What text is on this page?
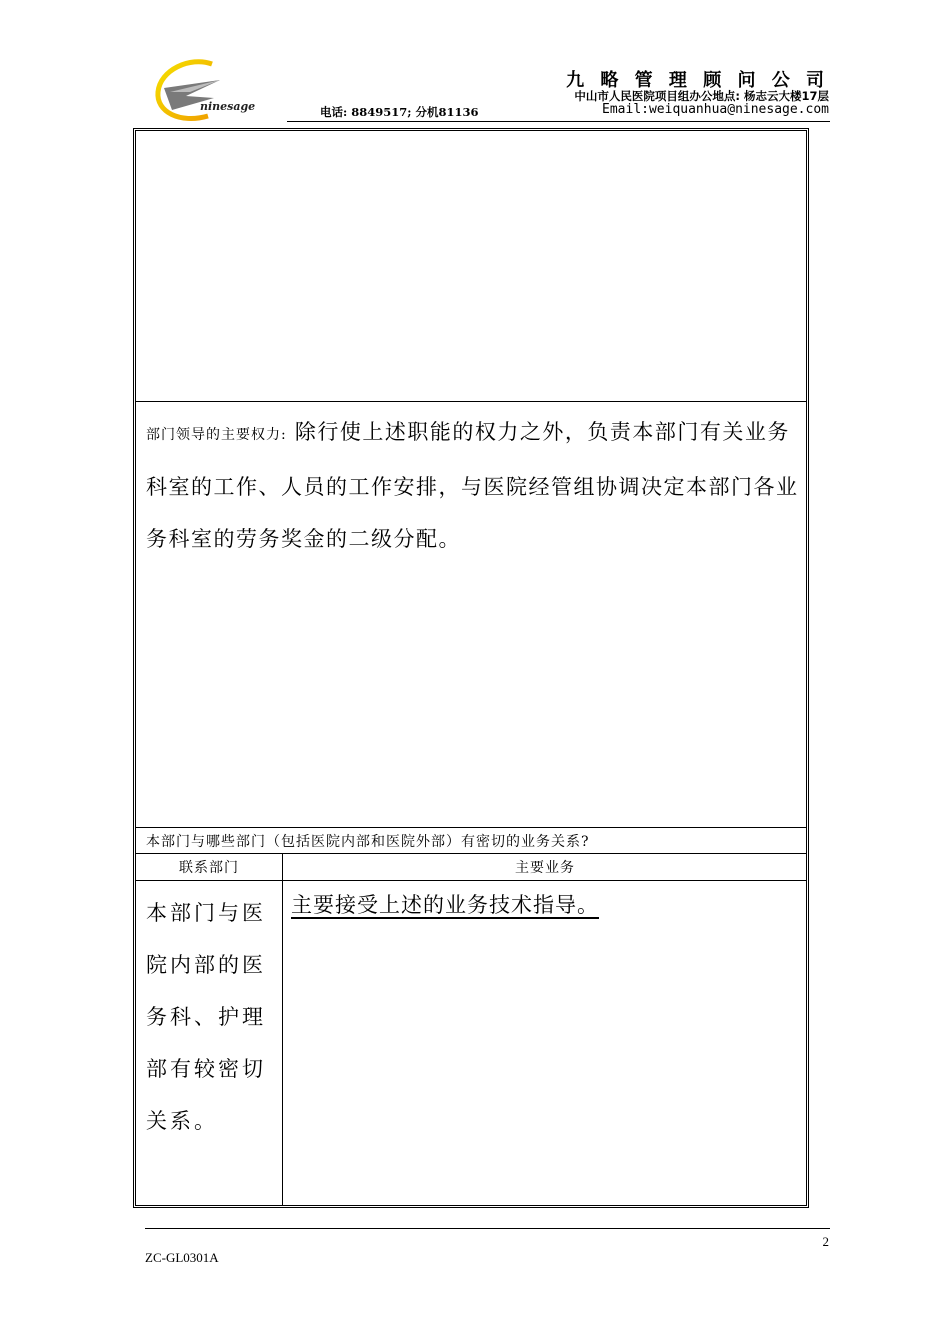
ninesage
九 略 管 理 顾 问 公 司
中山市人民医院项目组办公地点: 杨志云大楼17层
电话: 8849517; 分机81136	Email:weiquanhua@ninesage.com
部门领导的主要权力: 除行使上述职能的权力之外，负责本部门有关业务科室的工作、人员的工作安排，与医院经管组协调决定本部门各业务科室的劳务奖金的二级分配。
本部门与哪些部门（包括医院内部和医院外部）有密切的业务关系?
联系部门	主要业务
本部门与医院内部的医务科、护理部有较密切关系。
主要接受上述的业务技术指导。
2
ZC-GL0301A
